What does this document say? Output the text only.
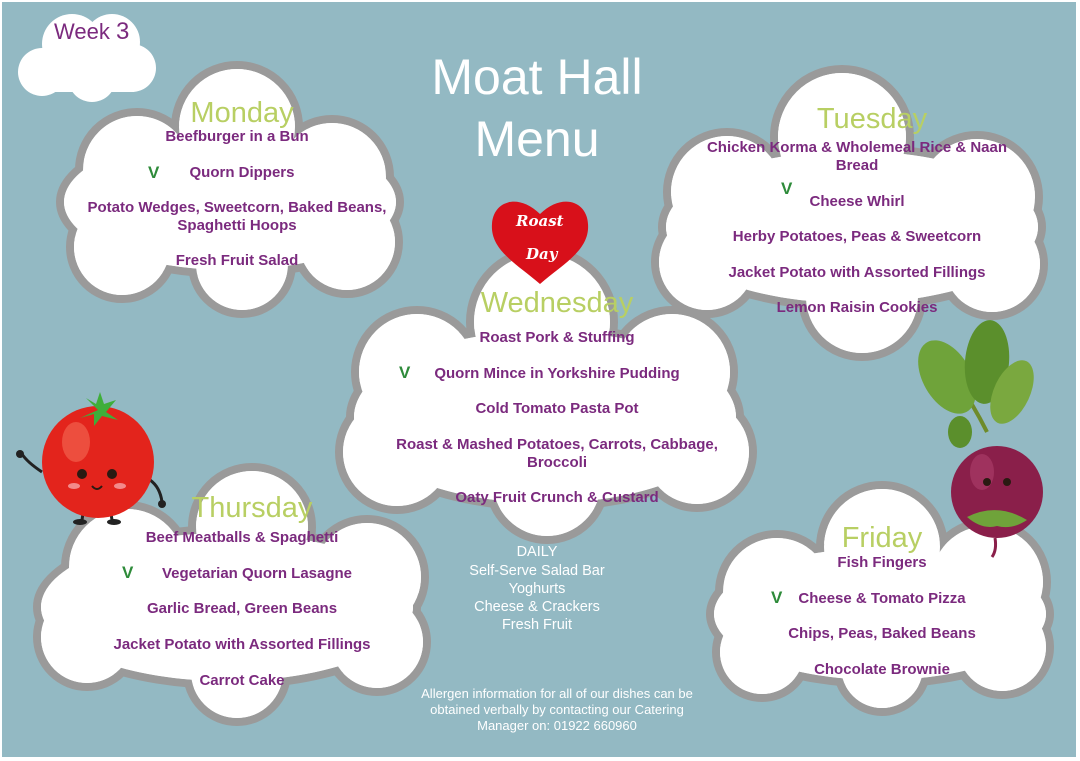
Week 3
Moat Hall
Menu
Roast
Day
Monday
Beefburger in a Bun
V	Quorn Dippers
Potato Wedges, Sweetcorn, Baked Beans,
Spaghetti Hoops
Fresh Fruit Salad
Tuesday
Chicken Korma & Wholemeal Rice & Naan
Bread
V
Cheese Whirl
Herby Potatoes, Peas & Sweetcorn
Jacket Potato with Assorted Fillings
Lemon Raisin Cookies
Wednesday
Roast Pork & Stuffing
V	Quorn Mince in Yorkshire Pudding
Cold Tomato Pasta Pot
Roast & Mashed Potatoes, Carrots, Cabbage,
Broccoli
Oaty Fruit Crunch & Custard
Thursday
Beef Meatballs & Spaghetti
V	Vegetarian Quorn Lasagne
Garlic Bread, Green Beans
Jacket Potato with Assorted Fillings
Carrot Cake
Friday
Fish Fingers
V	Cheese & Tomato Pizza
Chips, Peas, Baked Beans
Chocolate Brownie
DAILY
Self-Serve Salad Bar
Yoghurts
Cheese & Crackers
Fresh Fruit
Allergen information for all of our dishes can be
obtained verbally by contacting our Catering
Manager on: 01922 660960
